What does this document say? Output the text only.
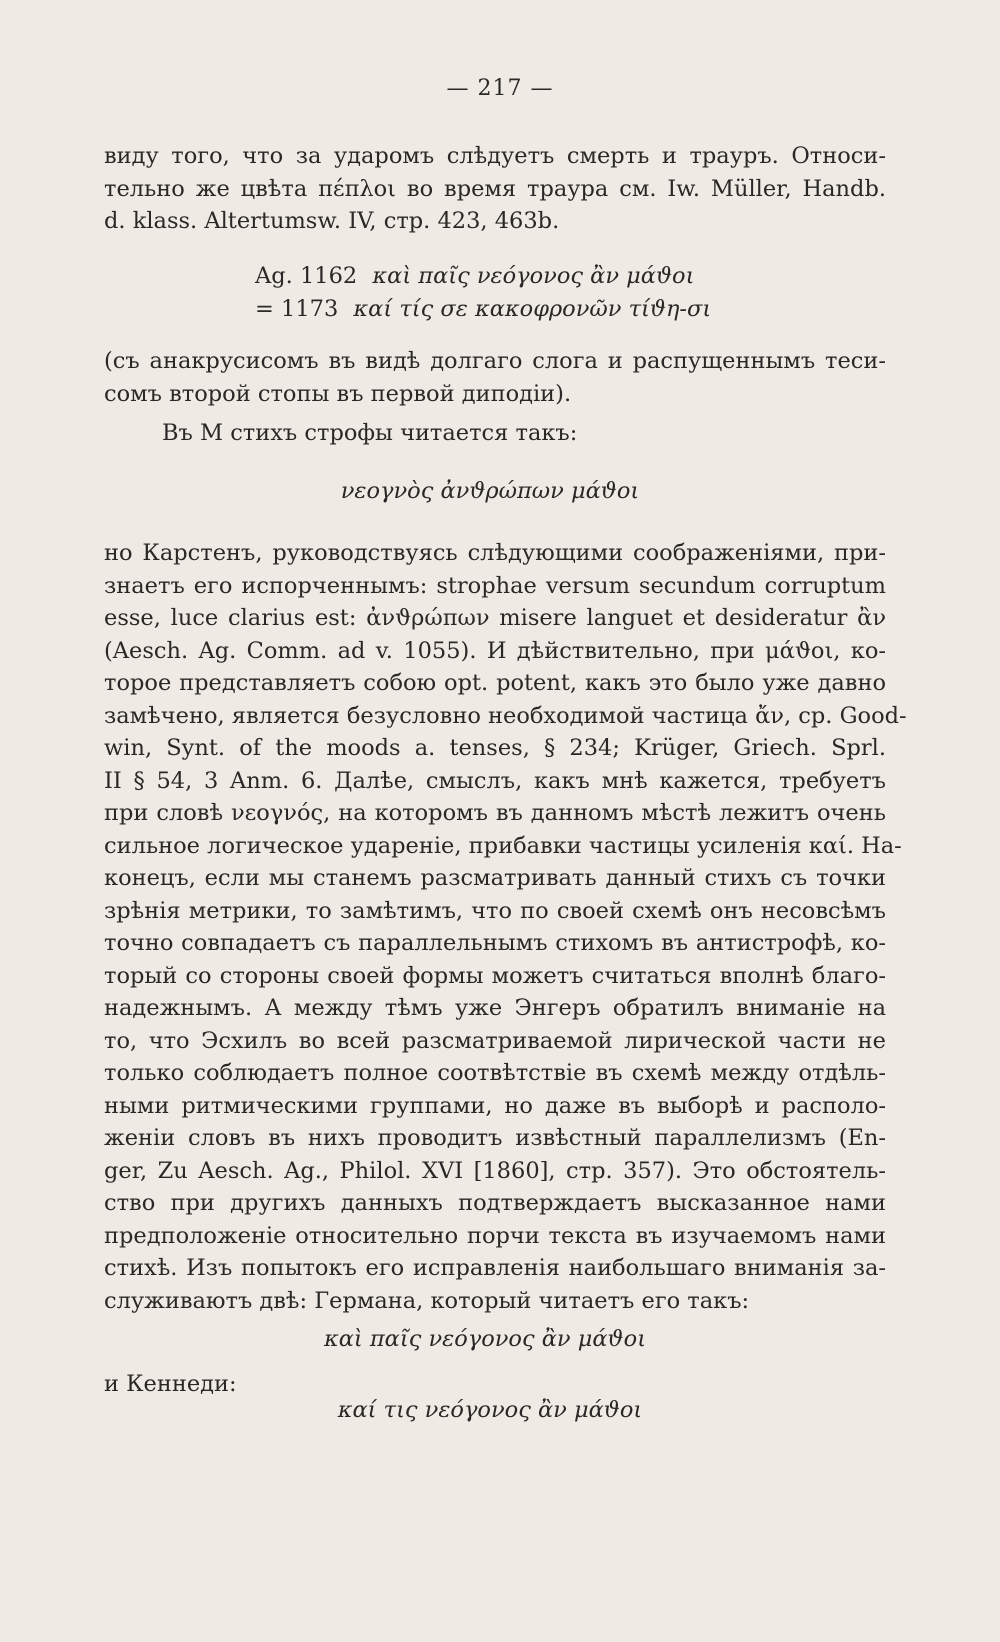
— 217 —
виду того, что за ударомъ слѣдуетъ смерть и трауръ. Относи-
тельно же цвѣта πέπλοι во время траура см. Iw. Müller, Handb.
d. klass. Altertumsw. IV, стр. 423, 463b.
Ag. 1162 καὶ παῖς νεόγονος ἂν μάϑοι
= 1173 καί τίς σε κακοφρονῶν τίϑη-σι
(съ анакрусисомъ въ видѣ долгаго слога и распущеннымъ теси-
сомъ второй стопы въ первой диподіи).
Въ M стихъ строфы читается такъ:
νεογνὸς ἀνϑρώπων μάϑοι
но Карстенъ, руководствуясь слѣдующими соображеніями, при-
знаетъ его испорченнымъ: strophae versum secundum corruptum
esse, luce clarius est: ἀνϑρώπων misere languet et desideratur ἂν
(Aesch. Ag. Comm. ad v. 1055). И дѣйствительно, при μάϑοι, ко-
торое представляетъ собою opt. potent, какъ это было уже давно
замѣчено, является безусловно необходимой частица ἄν, ср. Good-
win, Synt. of the moods a. tenses, § 234; Krüger, Griech. Sprl.
II § 54, 3 Anm. 6. Далѣе, смыслъ, какъ мнѣ кажется, требуетъ
при словѣ νεογνός, на которомъ въ данномъ мѣстѣ лежитъ очень
сильное логическое удареніе, прибавки частицы усиленія καί. На-
конецъ, если мы станемъ разсматривать данный стихъ съ точки
зрѣнія метрики, то замѣтимъ, что по своей схемѣ онъ несовсѣмъ
точно совпадаетъ съ параллельнымъ стихомъ въ антистрофѣ, ко-
торый со стороны своей формы можетъ считаться вполнѣ благо-
надежнымъ. А между тѣмъ уже Энгеръ обратилъ вниманіе на
то, что Эсхилъ во всей разсматриваемой лирической части не
только соблюдаетъ полное соотвѣтствіе въ схемѣ между отдѣль-
ными ритмическими группами, но даже въ выборѣ и располо-
женіи словъ въ нихъ проводитъ извѣстный параллелизмъ (En-
ger, Zu Aesch. Ag., Philol. XVI [1860], стр. 357). Это обстоятель-
ство при другихъ данныхъ подтверждаетъ высказанное нами
предположеніе относительно порчи текста въ изучаемомъ нами
стихѣ. Изъ попытокъ его исправленія наибольшаго вниманія за-
служиваютъ двѣ: Германа, который читаетъ его такъ:
καὶ παῖς νεόγονος ἂν μάϑοι
и Кеннеди:
καί τις νεόγονος ἂν μάϑοι
